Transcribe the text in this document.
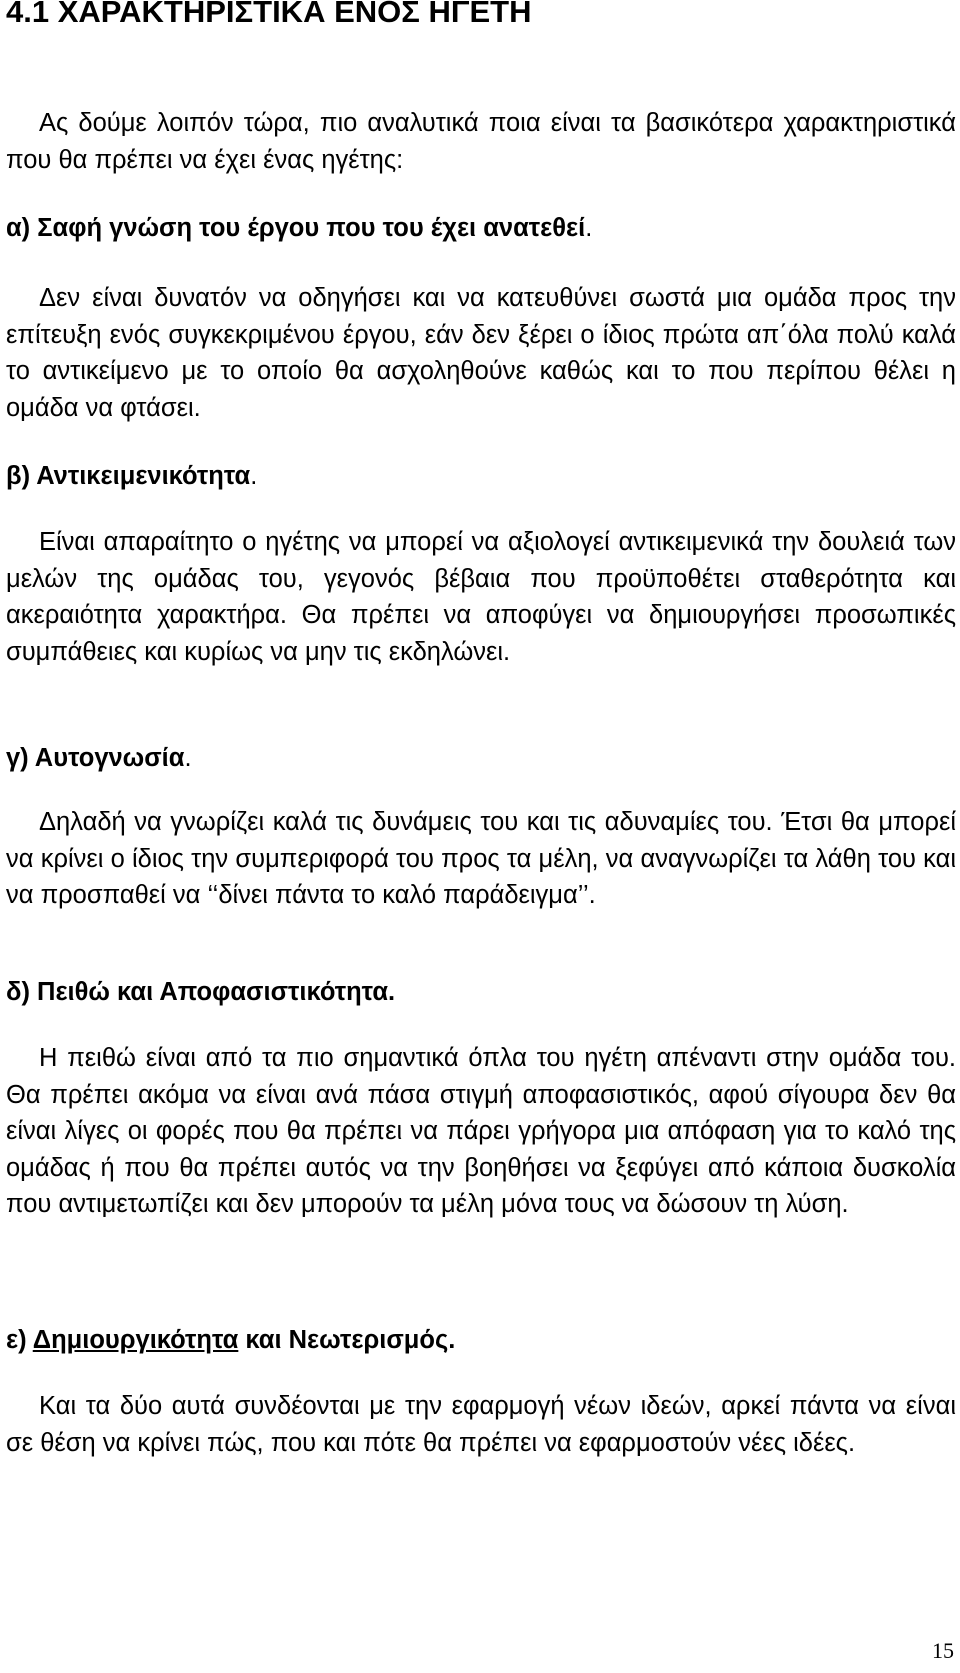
4.1 ΧΑΡΑΚΤΗΡΙΣΤΙΚΑ ΕΝΟΣ ΗΓΕΤΗ

Ας δούμε λοιπόν τώρα, πιο αναλυτικά ποια είναι τα βασικότερα χαρακτηριστικά που θα πρέπει να έχει ένας ηγέτης:

α) Σαφή γνώση του έργου που του έχει ανατεθεί.

Δεν είναι δυνατόν να οδηγήσει και να κατευθύνει σωστά μια ομάδα προς την επίτευξη ενός συγκεκριμένου έργου, εάν δεν ξέρει ο ίδιος πρώτα απ΄όλα πολύ καλά το αντικείμενο με το οποίο θα ασχοληθούνε καθώς και το που περίπου θέλει η ομάδα να φτάσει.

β) Αντικειμενικότητα.

Είναι απαραίτητο ο ηγέτης να μπορεί να αξιολογεί αντικειμενικά την δουλειά των μελών της ομάδας του, γεγονός βέβαια που προϋποθέτει σταθερότητα και ακεραιότητα χαρακτήρα. Θα πρέπει να αποφύγει να δημιουργήσει προσωπικές συμπάθειες και κυρίως να μην τις εκδηλώνει.

γ) Αυτογνωσία.

Δηλαδή να γνωρίζει καλά τις δυνάμεις του και τις αδυναμίες του. Έτσι θα μπορεί να κρίνει ο ίδιος την συμπεριφορά του προς τα μέλη, να αναγνωρίζει τα λάθη του και να προσπαθεί να ‘‘δίνει πάντα το καλό παράδειγμα’’.

δ) Πειθώ και Αποφασιστικότητα.

Η πειθώ είναι από τα πιο σημαντικά όπλα του ηγέτη απέναντι στην ομάδα του. Θα πρέπει ακόμα να είναι ανά πάσα στιγμή αποφασιστικός, αφού σίγουρα δεν θα είναι λίγες οι φορές που θα πρέπει να πάρει γρήγορα μια απόφαση για το καλό της ομάδας ή που θα πρέπει αυτός να την βοηθήσει να ξεφύγει από κάποια δυσκολία που αντιμετωπίζει και δεν μπορούν τα μέλη μόνα τους να δώσουν τη λύση.

ε) Δημιουργικότητα και Νεωτερισμός.

Και τα δύο αυτά συνδέονται με την εφαρμογή νέων ιδεών, αρκεί πάντα να είναι σε θέση να κρίνει πώς, που και πότε θα πρέπει να εφαρμοστούν νέες ιδέες.

15
